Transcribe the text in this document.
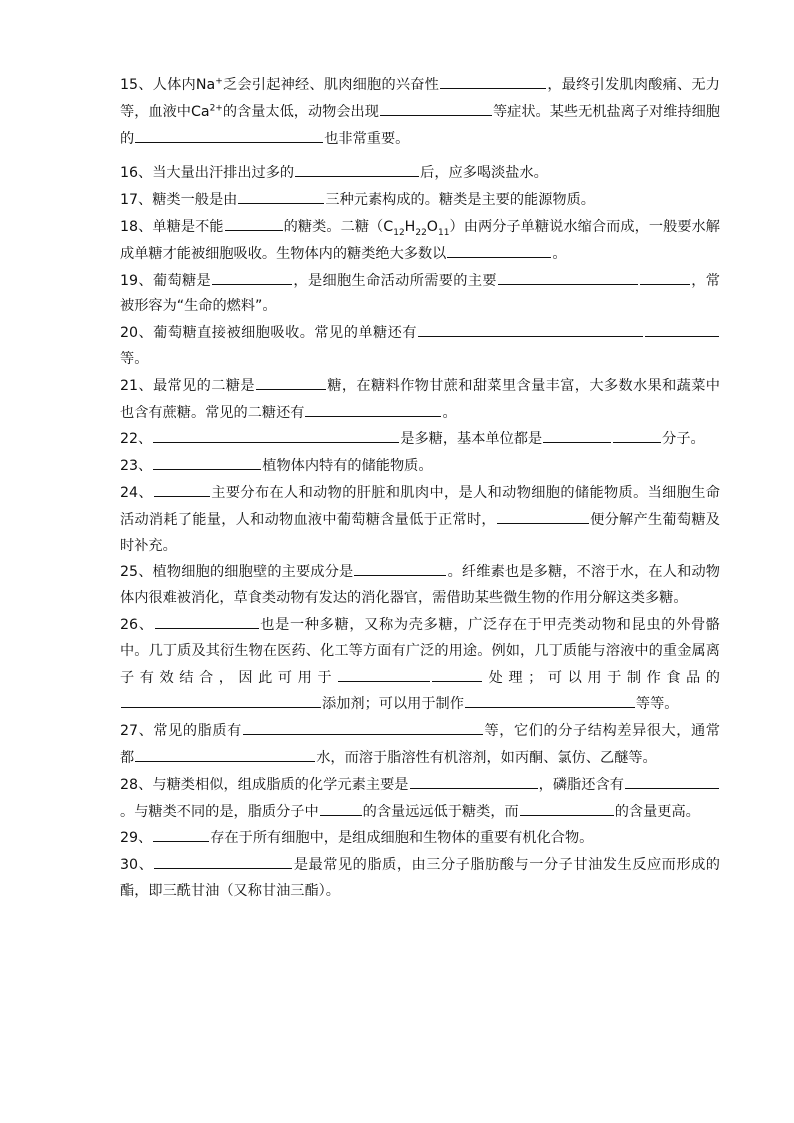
15、人体内Na+乏会引起神经、肌肉细胞的兴奋性	，最终引发肌肉酸痛、无力等，血液中$Ca^{2+}$的含量太低，动物会出现	等症状。某些无机盐离子对维持细胞的	也非常重要。

16、当大量出汗排出过多的	后，应多喝淡盐水。

17、糖类一般是由	三种元素构成的。糖类是主要的能源物质。

18、单糖是不能	的糖类。二糖$(C_{12}H_{22}O_{11})$由两分子单糖说水缩合而成，一般要水解成单糖才能被细胞吸收。生物体内的糖类绝大多数以	。

19、葡萄糖是	，是细胞生命活动所需要的主要	，常被形容为“生命的燃料”。

20、葡萄糖直接被细胞吸收。常见的单糖还有等。

21、最常见的二糖是	糖，在糖料作物甘蔗和甜菜里含量丰富，大多数水果和蔬菜中也含有蔗糖。常见的二糖还有	。

22、	是多糖，基本单位都是	分子。

23、	植物体内特有的储能物质。

24、	主要分布在人和动物的肝脏和肌肉中，是人和动物细胞的储能物质。当细胞生命活动消耗了能量，人和动物血液中葡萄糖含量低于正常时，	便分解产生葡萄糖及时补充。

25、植物细胞的细胞壁的主要成分是	。纤维素也是多糖，不溶于水，在人和动物体内很难被消化，草食类动物有发达的消化器官，需借助某些微生物的作用分解这类多糖。

26、	也是一种多糖，又称为壳多糖，广泛存在于甲壳类动物和昆虫的外骨骼中。几丁质及其衍生物在医药、化工等方面有广泛的用途。例如，几丁质能与溶液中的重金属离子有效结合，因此可用于	处理；可以用于制作食品的添加剂；可以用于制作	等等。

27、常见的脂质有	等，它们的分子结构差异很大，通常都	水，而溶于脂溶性有机溶剂，如丙酮、氯仿、乙醚等。

28、与糖类相似，组成脂质的化学元素主要是	，磷脂还含有。与糖类不同的是，脂质分子中	的含量远远低于糖类，而	的含量更高。

29、	存在于所有细胞中，是组成细胞和生物体的重要有机化合物。

30、	是最常见的脂质，由三分子脂肪酸与一分子甘油发生反应而形成的酯，即三酰甘油（又称甘油三酯）。
